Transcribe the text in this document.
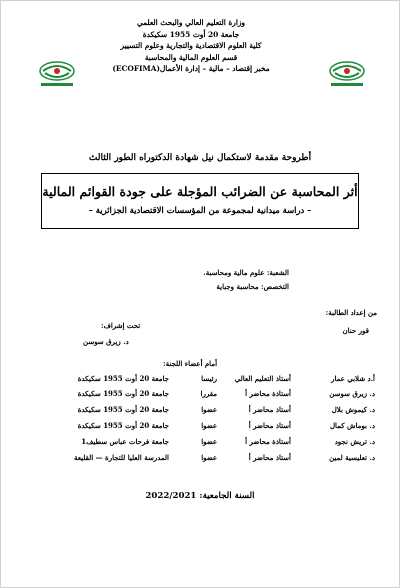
وزارة التعليم العالي والبحث العلمي
جامعة 20 أوت 1955 سكيكدة
كلية العلوم الاقتصادية والتجارية وعلوم التسيير
قسم العلوم المالية والمحاسبة
مخبر إقتصاد – مالية – إدارة الأعمال(ECOFIMA)
أطروحة مقدمة لاستكمال نيل شهادة الدكتوراه الطور الثالث
أثر المحاسبة عن الضرائب المؤجلة على جودة القوائم المالية
– دراسة ميدانية لمجموعة من المؤسسات الاقتصادية الجزائرية –
الشعبة: علوم مالية ومحاسبة.
التخصص: محاسبة وجباية
من إعداد الطالبة:
تحت إشراف:
قور حنان
د. زيرق سوسن
أمام أعضاء اللجنة:
أ.د شلابي عمار
أستاذ التعليم العالي
رئيسا
جامعة 20 أوت 1955 سكيكدة
د. زيرق سوسن
أستاذة محاضر أ
مقررا
جامعة 20 أوت 1955 سكيكدة
د. كيموش بلال
أستاذ محاضر أ
عضوا
جامعة 20 أوت 1955 سكيكدة
د. بوماش كمال
أستاذ محاضر أ
عضوا
جامعة 20 أوت 1955 سكيكدة
د. تريش نجود
أستاذة محاضر أ
عضوا
جامعة فرحات عباس سطيف1
د. تعليسية لمين
أستاذ محاضر أ
عضوا
المدرسة العليا للتجارة — القليعة
السنة الجامعية: 2022/2021
